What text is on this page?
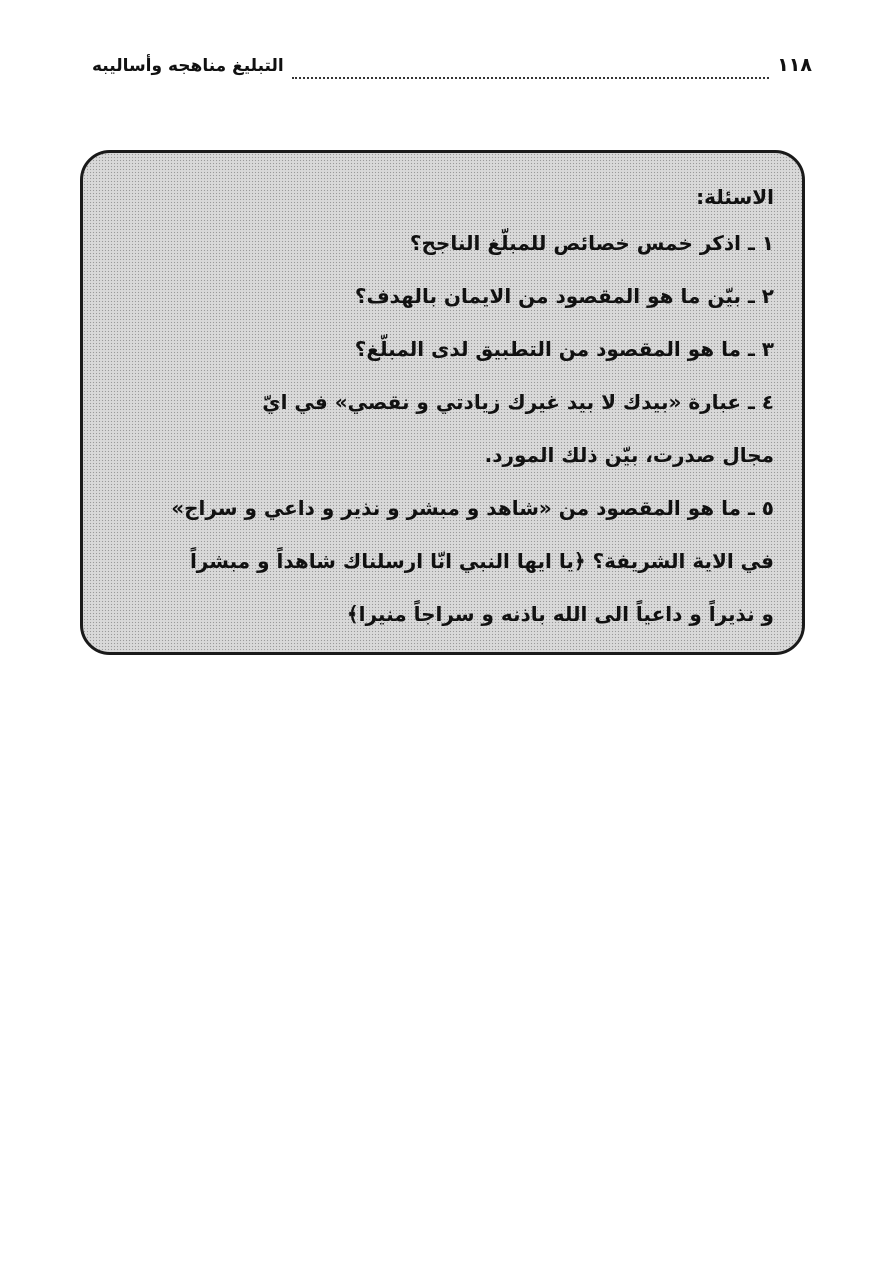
١١٨
التبليغ مناهجه وأساليبه
الاسئلة:
١ ـ اذكر خمس خصائص للمبلّغ الناجح؟
٢ ـ بيّن ما هو المقصود من الايمان بالهدف؟
٣ ـ ما هو المقصود من التطبيق لدى المبلّغ؟
٤ ـ عبارة «بيدك لا بيد غيرك زيادتي و نقصي» في ايّ
مجال صدرت، بيّن ذلك المورد.
٥ ـ ما هو المقصود من «شاهد و مبشر و نذير و داعي و سراج»
في الاية الشريفة؟ ﴿يا ايها النبي انّا ارسلناك شاهداً و مبشراً
و نذيراً و داعياً الى الله باذنه و سراجاً منيرا﴾
